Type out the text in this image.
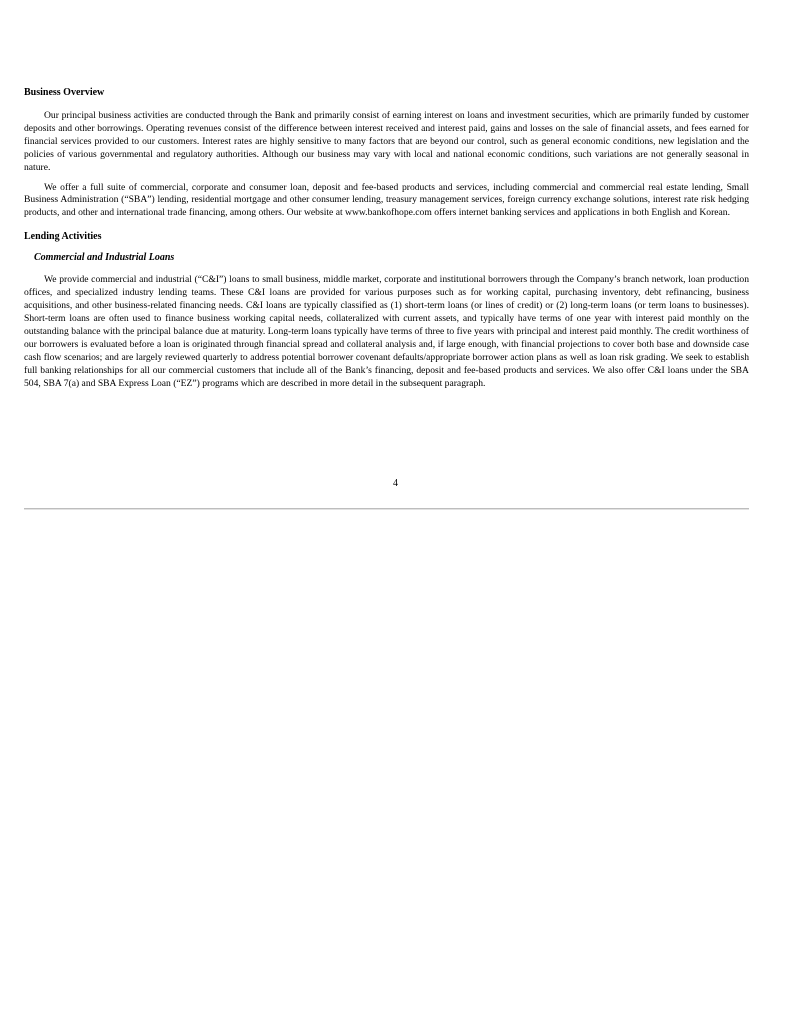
Business Overview

Our principal business activities are conducted through the Bank and primarily consist of earning interest on loans and investment securities, which are primarily funded by customer deposits and other borrowings. Operating revenues consist of the difference between interest received and interest paid, gains and losses on the sale of financial assets, and fees earned for financial services provided to our customers. Interest rates are highly sensitive to many factors that are beyond our control, such as general economic conditions, new legislation and the policies of various governmental and regulatory authorities. Although our business may vary with local and national economic conditions, such variations are not generally seasonal in nature.

We offer a full suite of commercial, corporate and consumer loan, deposit and fee-based products and services, including commercial and commercial real estate lending, Small Business Administration (“SBA”) lending, residential mortgage and other consumer lending, treasury management services, foreign currency exchange solutions, interest rate risk hedging products, and other and international trade financing, among others. Our website at www.bankofhope.com offers internet banking services and applications in both English and Korean.

Lending Activities
Commercial and Industrial Loans

We provide commercial and industrial (“C&I”) loans to small business, middle market, corporate and institutional borrowers through the Company’s branch network, loan production offices, and specialized industry lending teams. These C&I loans are provided for various purposes such as for working capital, purchasing inventory, debt refinancing, business acquisitions, and other business-related financing needs. C&I loans are typically classified as (1) short-term loans (or lines of credit) or (2) long-term loans (or term loans to businesses). Short-term loans are often used to finance business working capital needs, collateralized with current assets, and typically have terms of one year with interest paid monthly on the outstanding balance with the principal balance due at maturity. Long-term loans typically have terms of three to five years with principal and interest paid monthly. The credit worthiness of our borrowers is evaluated before a loan is originated through financial spread and collateral analysis and, if large enough, with financial projections to cover both base and downside case cash flow scenarios; and are largely reviewed quarterly to address potential borrower covenant defaults/appropriate borrower action plans as well as loan risk grading. We seek to establish full banking relationships for all our commercial customers that include all of the Bank’s financing, deposit and fee-based products and services. We also offer C&I loans under the SBA 504, SBA 7(a) and SBA Express Loan (“EZ”) programs which are described in more detail in the subsequent paragraph.

4
